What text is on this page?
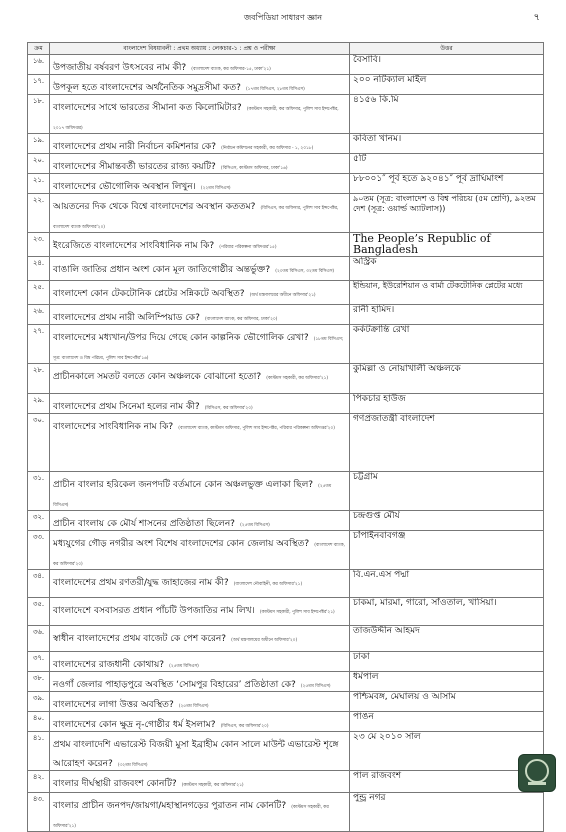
জবপিডিয়া সাধারণ জ্ঞান	৭
ক্রম	বাংলাদেশ বিষয়াবলী : প্রথম অধ্যায় : লেকচার-১ : প্রশ্ন ও পরীক্ষা	উত্তর
১৬.	উপজাতীয় বর্ষবরণ উৎসবের নাম কী? (বাংলাদেশ ব্যাংক, কর অফিসার-১৫, ঢাকা'২১)	বৈসাবি।
১৭.	উপকূল হতে বাংলাদেশের অর্থনৈতিক সমুদ্রসীমা কত? (১৭তম বিসিএস, ২৮তম বিসিএস)	২০০ নটিক্যাল মাইল
১৮.	বাংলাদেশের সাথে ভারতের সীমানা কত কিলোমিটার? (কাস্টমস সহকারী, কর অফিসার, পুলিশ সাব ইন্সপেক্টর, ২০১৭ অধিদপ্তর)	৪১৫৬ কি.মি
১৯.	বাংলাদেশের প্রথম নারী নির্বাচন কমিশনার কে? (নির্বাচন কমিশনের সহকারী, কর অফিসার - ১, ২০১৮)	কবিতা খানম।
২০.	বাংলাদেশের সীমান্তবর্তী ভারতের রাজ্য কয়টি? (বিসিএস, কাস্টমস অফিসার, ঢাকা'১৬)	৫টি
২১.	বাংলাদেশের ভৌগোলিক অবস্থান লিখুন। (২২তম বিসিএস)	৮৮০০১″ পূর্ব হতে ৯২০৪১″ পূর্ব দ্রাঘিমাংশ
২২.	আয়তনের দিক থেকে বিশ্বে বাংলাদেশের অবস্থান কততম? (বিসিএস, কর অফিসার, পুলিশ সাব ইন্সপেক্টর, বাংলাদেশ ব্যাংক অফিসার'২০)	৯০তম (সূত্র: বাংলাদেশ ও বিশ্ব পরিচয় (৫ম শ্রেণি), ৯২তম দেশ (সূত্র: ওয়ার্ল্ড অ্যাটলাস))
২৩.	ইংরেজিতে বাংলাদেশের সাংবিধানিক নাম কি? (পরিবার পরিকল্পনা অধিদপ্তর'১৫)	The People’s Republic of Bangladesh
২৪.	বাঙালি জাতির প্রধান অংশ কোন মূল জাতিগোষ্ঠীর অন্তর্ভুক্ত? (২০তম বিসিএস, ৩২তম বিসিএস)	অস্ট্রিক
২৫.	বাংলাদেশ কোন টেকটোনিক প্লেটের সন্নিকটে অবস্থিত? (অর্থ মন্ত্রণালয়ের অধীনে অফিসার'২১)	ইন্ডিয়ান, ইউরেশিয়ান ও বার্মা টেকটোনিক প্লেটের মধ্যে
২৬.	বাংলাদেশের প্রথম নারী অলিম্পিয়াড কে? (বাংলাদেশ ব্যাংক, কর অফিসার, ঢাকা'২০)	রানী হামিদ।
২৭.	বাংলাদেশের মধ্যখান/উপর দিয়ে গেছে কোন কাল্পনিক ভৌগোলিক রেখা? (১৮তম বিসিএস; সূত্র: বাংলাদেশ ও বিশ্ব পরিচয়, পুলিশ সাব ইন্সপেক্টর'১৬)	কর্কটক্রান্তি রেখা
২৮.	প্রাচীনকালে সমতট বলতে কোন অঞ্চলকে বোঝানো হতো? (কাস্টমস সহকারী, কর অফিসার'২১)	কুমিল্লা ও নোয়াখালী অঞ্চলকে
২৯.	বাংলাদেশের প্রথম সিনেমা হলের নাম কী? (বিসিএস, কর অফিসার'২০)	পিকচার হাউজ
৩০.	বাংলাদেশের সাংবিধানিক নাম কি? (বাংলাদেশ ব্যাংক, কাস্টমস অফিসার, পুলিশ সাব ইন্সপেক্টর, পরিবার পরিকল্পনা অধিদপ্তর'২০)	গণপ্রজাতন্ত্রী বাংলাদেশ
৩১.	প্রাচীন বাংলার হরিকেল জনপদটি বর্তমানে কোন অঞ্চলভুক্ত এলাকা ছিল? (২৫তম বিসিএস)	চট্টগ্রাম
৩২.	প্রাচীন বাংলায় কে মৌর্য শাসনের প্রতিষ্ঠাতা ছিলেন? (২৫তম বিসিএস)	চন্দ্রগুপ্ত মৌর্য
৩৩.	মধ্যযুগের গৌড় নগরীর অংশ বিশেষ বাংলাদেশের কোন জেলায় অবস্থিত? (বাংলাদেশ ব্যাংক, কর অফিসার'২০)	চাঁপাইনবাবগঞ্জ
৩৪.	বাংলাদেশের প্রথম রণতরী/যুদ্ধ জাহাজের নাম কী? (বাংলাদেশ নৌবাহিনী, কর অফিসার'২১)	বি.এন.এস পদ্মা
৩৫.	বাংলাদেশে বসবাসরত প্রধান পাঁচটি উপজাতির নাম লিখ। (কাস্টমস সহকারী, পুলিশ সাব ইন্সপেক্টর'২১)	চাকমা, মারমা, গারো, সাঁওতাল, খাসিয়া।
৩৬.	স্বাধীন বাংলাদেশের প্রথম বাজেট কে পেশ করেন? (অর্থ মন্ত্রণালয়ের অধীনে অফিসার'২০)	তাজউদ্দীন আহমদ
৩৭.	বাংলাদেশের রাজধানী কোথায়? (২৫তম বিসিএস)	ঢাকা
৩৮.	নওগাঁ জেলার পাহাড়পুরে অবস্থিত ‘সোমপুর বিহারের’ প্রতিষ্ঠাতা কে? (২৫তম বিসিএস)	ধর্মপাল
৩৯.	বাংলাদেশের লাগা উত্তর অবস্থিত? (২৫তম বিসিএস)	পশ্চিমবঙ্গ, মেঘালয় ও আসাম
৪০.	বাংলাদেশের কোন ক্ষুদ্র নৃ-গোষ্ঠীর ধর্ম ইসলাম? (বিসিএস, কর অফিসার'২০)	পাঙন
৪১.	প্রথম বাংলাদেশি এভারেস্ট বিজয়ী মুসা ইব্রাহীম কোন সালে মাউন্ট এভারেস্ট শৃঙ্গে আরোহণ করেন? (৩২তম বিসিএস)	২৩ মে ২০১০ সাল
৪২.	বাংলার দীর্ঘস্থায়ী রাজবংশ কোনটি? (কাস্টমস সহকারী, কর অফিসার'২১)	পাল রাজবংশ
৪৩.	বাংলার প্রাচীন জনপদ/জায়গা/মহাস্থানগড়ের পুরাতন নাম কোনটি? (কাস্টমস সহকারী, কর অফিসার'২১)	পুন্ড্র নগর
